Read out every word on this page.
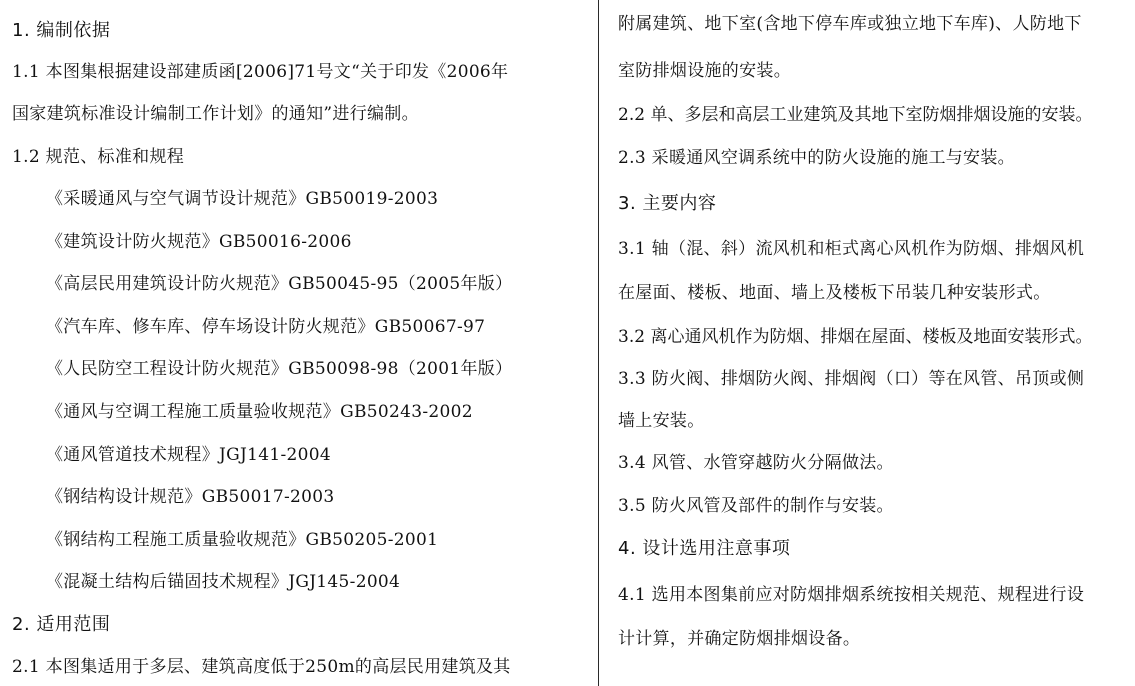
1. 编制依据
1.1 本图集根据建设部建质函[2006]71号文“关于印发《2006年
国家建筑标准设计编制工作计划》的通知”进行编制。
1.2 规范、标准和规程
《采暖通风与空气调节设计规范》GB50019-2003
《建筑设计防火规范》GB50016-2006
《高层民用建筑设计防火规范》GB50045-95（2005年版）
《汽车库、修车库、停车场设计防火规范》GB50067-97
《人民防空工程设计防火规范》GB50098-98（2001年版）
《通风与空调工程施工质量验收规范》GB50243-2002
《通风管道技术规程》JGJ141-2004
《钢结构设计规范》GB50017-2003
《钢结构工程施工质量验收规范》GB50205-2001
《混凝土结构后锚固技术规程》JGJ145-2004
2. 适用范围
2.1 本图集适用于多层、建筑高度低于250m的高层民用建筑及其
附属建筑、地下室(含地下停车库或独立地下车库)、人防地下
室防排烟设施的安装。
2.2 单、多层和高层工业建筑及其地下室防烟排烟设施的安装。
2.3 采暖通风空调系统中的防火设施的施工与安装。
3. 主要内容
3.1 轴（混、斜）流风机和柜式离心风机作为防烟、排烟风机
在屋面、楼板、地面、墙上及楼板下吊装几种安装形式。
3.2 离心通风机作为防烟、排烟在屋面、楼板及地面安装形式。
3.3 防火阀、排烟防火阀、排烟阀（口）等在风管、吊顶或侧
墙上安装。
3.4 风管、水管穿越防火分隔做法。
3.5 防火风管及部件的制作与安装。
4. 设计选用注意事项
4.1 选用本图集前应对防烟排烟系统按相关规范、规程进行设
计计算，并确定防烟排烟设备。
